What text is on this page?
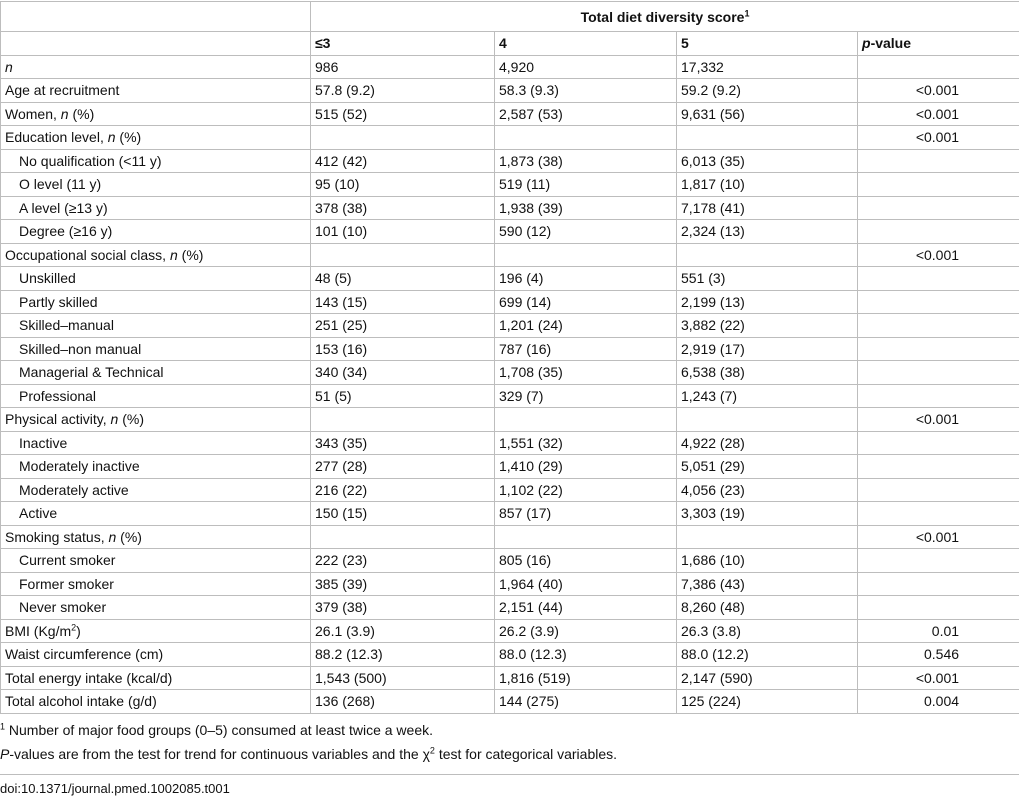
	Total diet diversity score$^1$
	≤3	4	5	p-value
n	986	4,920	17,332	
Age at recruitment	57.8 (9.2)	58.3 (9.3)	59.2 (9.2)	<0.001
Women, n (%)	515 (52)	2,587 (53)	9,631 (56)	<0.001
Education level, n (%)				<0.001
No qualification (<11 y)	412 (42)	1,873 (38)	6,013 (35)	
O level (11 y)	95 (10)	519 (11)	1,817 (10)	
A level (≥13 y)	378 (38)	1,938 (39)	7,178 (41)	
Degree (≥16 y)	101 (10)	590 (12)	2,324 (13)	
Occupational social class, n (%)				<0.001
Unskilled	48 (5)	196 (4)	551 (3)	
Partly skilled	143 (15)	699 (14)	2,199 (13)	
Skilled–manual	251 (25)	1,201 (24)	3,882 (22)	
Skilled–non manual	153 (16)	787 (16)	2,919 (17)	
Managerial & Technical	340 (34)	1,708 (35)	6,538 (38)	
Professional	51 (5)	329 (7)	1,243 (7)	
Physical activity, n (%)				<0.001
Inactive	343 (35)	1,551 (32)	4,922 (28)	
Moderately inactive	277 (28)	1,410 (29)	5,051 (29)	
Moderately active	216 (22)	1,102 (22)	4,056 (23)	
Active	150 (15)	857 (17)	3,303 (19)	
Smoking status, n (%)				<0.001
Current smoker	222 (23)	805 (16)	1,686 (10)	
Former smoker	385 (39)	1,964 (40)	7,386 (43)	
Never smoker	379 (38)	2,151 (44)	8,260 (48)	
BMI $(Kg/m^2)$	26.1 (3.9)	26.2 (3.9)	26.3 (3.8)	0.01
Waist circumference (cm)	88.2 (12.3)	88.0 (12.3)	88.0 (12.2)	0.546
Total energy intake (kcal/d)	1,543 (500)	1,816 (519)	2,147 (590)	<0.001
Total alcohol intake (g/d)	136 (268)	144 (275)	125 (224)	0.004
$^1$ Number of major food groups (0–5) consumed at least twice a week.
P-values are from the test for trend for continuous variables and the $\chi^2$ test for categorical variables.
doi:10.1371/journal.pmed.1002085.t001
